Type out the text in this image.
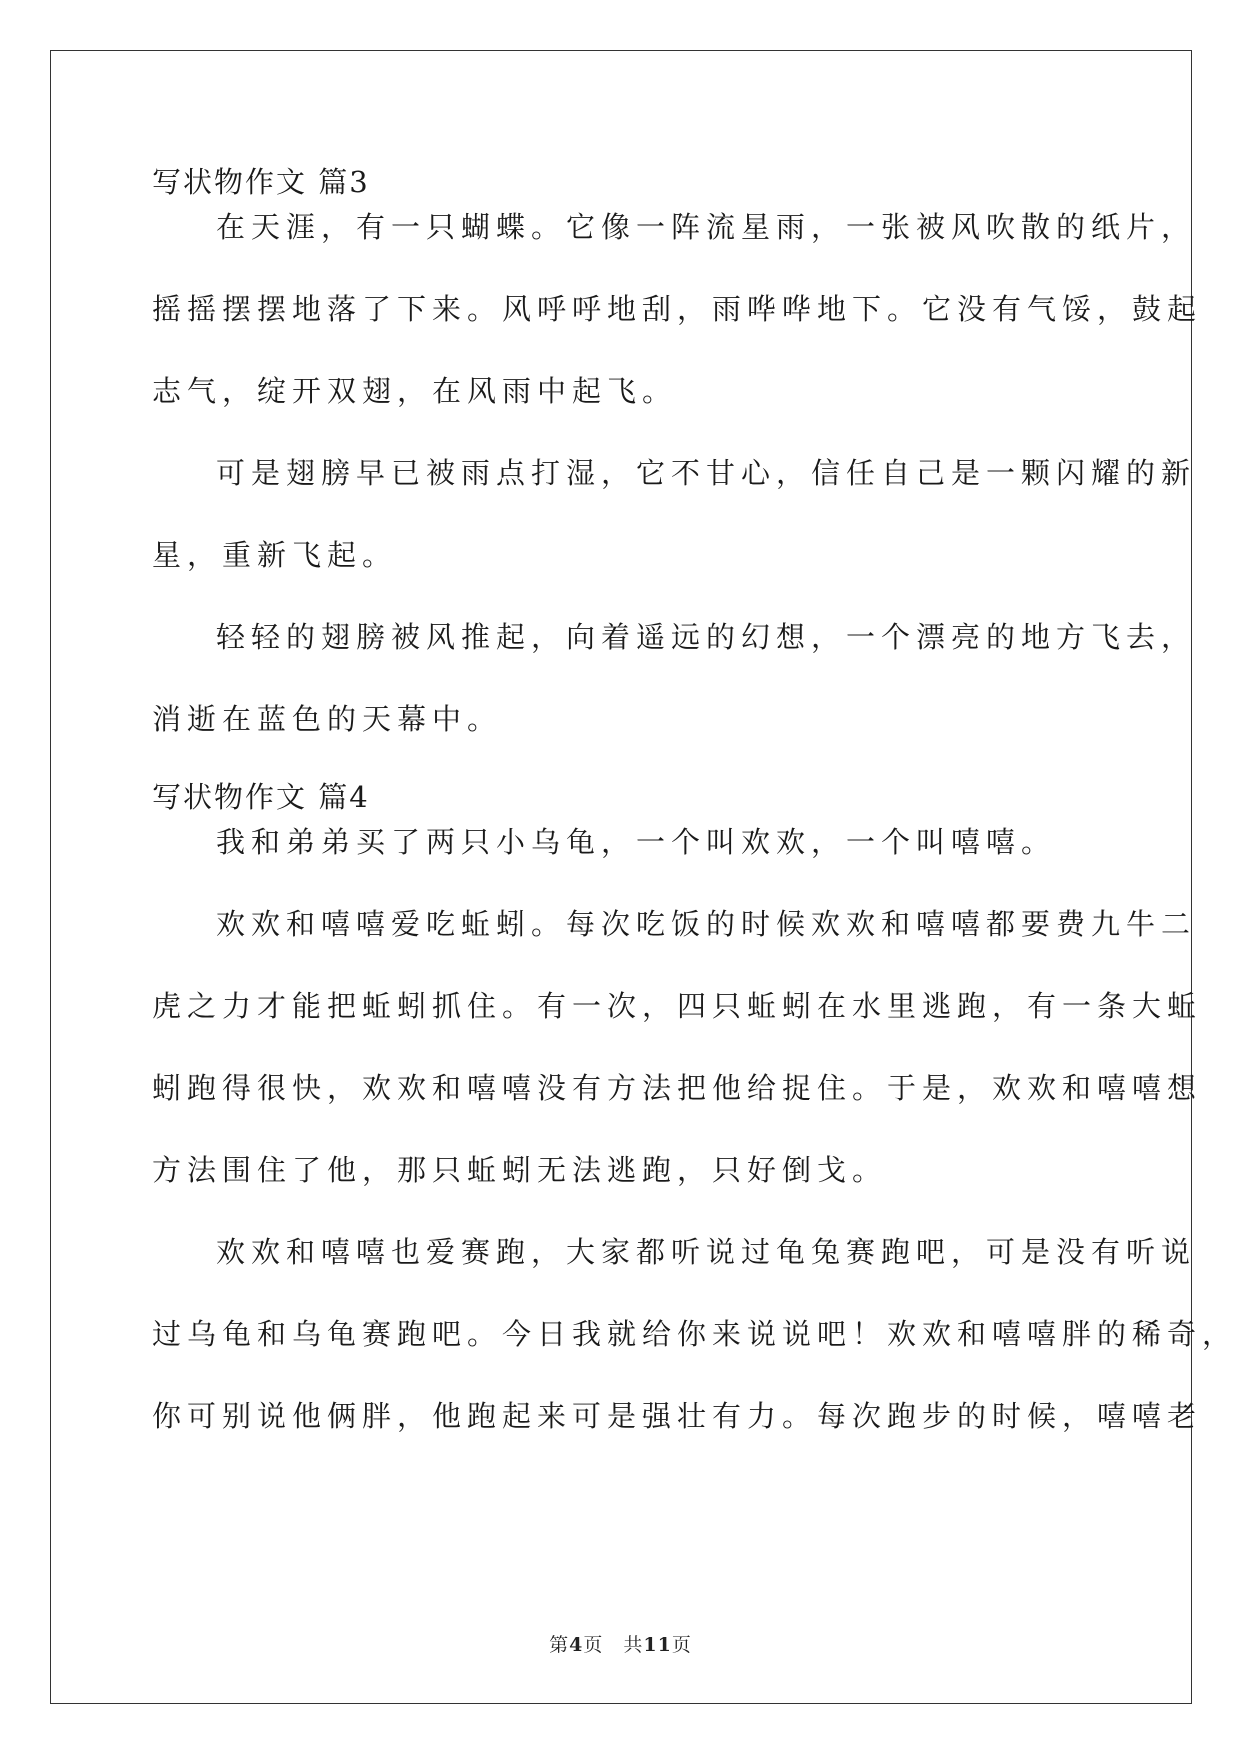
写状物作文 篇3

在天涯，有一只蝴蝶。它像一阵流星雨，一张被风吹散的纸片，

摇摇摆摆地落了下来。风呼呼地刮，雨哗哗地下。它没有气馁，鼓起

志气，绽开双翅，在风雨中起飞。

可是翅膀早已被雨点打湿，它不甘心，信任自己是一颗闪耀的新

星，重新飞起。

轻轻的翅膀被风推起，向着遥远的幻想，一个漂亮的地方飞去，

消逝在蓝色的天幕中。

写状物作文 篇4

我和弟弟买了两只小乌龟，一个叫欢欢，一个叫嘻嘻。

欢欢和嘻嘻爱吃蚯蚓。每次吃饭的时候欢欢和嘻嘻都要费九牛二

虎之力才能把蚯蚓抓住。有一次，四只蚯蚓在水里逃跑，有一条大蚯

蚓跑得很快，欢欢和嘻嘻没有方法把他给捉住。于是，欢欢和嘻嘻想

方法围住了他，那只蚯蚓无法逃跑，只好倒戈。

欢欢和嘻嘻也爱赛跑，大家都听说过龟兔赛跑吧，可是没有听说

过乌龟和乌龟赛跑吧。今日我就给你来说说吧！欢欢和嘻嘻胖的稀奇，

你可别说他俩胖，他跑起来可是强壮有力。每次跑步的时候，嘻嘻老

第4页　共11页
